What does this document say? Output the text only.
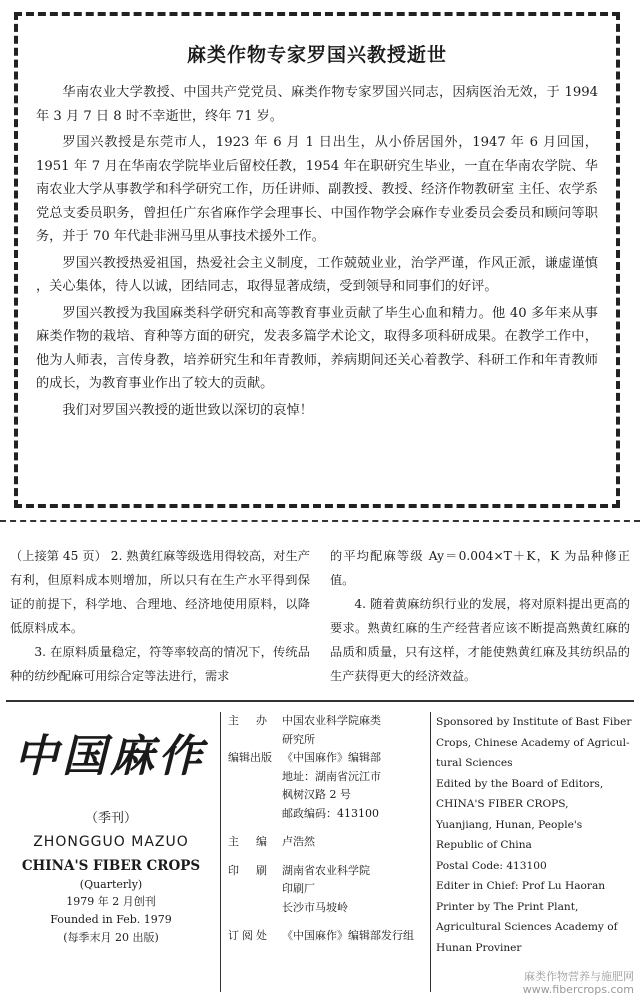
麻类作物专家罗国兴教授逝世

华南农业大学教授、中国共产党党员、麻类作物专家罗国兴同志，因病医治无效，于 1994 年 3 月 7 日 8 时不幸逝世，终年 71 岁。

罗国兴教授是东莞市人，1923 年 6 月 1 日出生，从小侨居国外，1947 年 6 月回国，1951 年 7 月在华南农学院毕业后留校任教，1954 年在职研究生毕业，一直在华南农学院、华南农业大学从事教学和科学研究工作，历任讲师、副教授、教授、经济作物教研室 主任、农学系党总支委员职务，曾担任广东省麻作学会理事长、中国作物学会麻作专业委员会委员和顾问等职务，并于 70 年代赴非洲马里从事技术援外工作。

罗国兴教授热爱祖国，热爱社会主义制度，工作兢兢业业，治学严谨，作风正派，谦虚谨慎 ，关心集体，待人以诚，团结同志，取得显著成绩，受到领导和同事们的好评。

罗国兴教授为我国麻类科学研究和高等教育事业贡献了毕生心血和精力。他 40 多年来从事麻类作物的栽培、育种等方面的研究，发表多篇学术论文，取得多项科研成果。在教学工作中，他为人师表，言传身教，培养研究生和年青教师，养病期间还关心着教学、科研工作和年青教师的成长，为教育事业作出了较大的贡献。

我们对罗国兴教授的逝世致以深切的哀悼！

（上接第 45 页） 2. 熟黄红麻等级选用得较高，对生产有利，但原料成本则增加，所以只有在生产水平得到保证的前提下，科学地、合理地、经济地使用原料，以降低原料成本。

3. 在原料质量稳定，符等率较高的情况下，传统品种的纺纱配麻可用综合定等法进行，需求

的平均配麻等级 Ay＝0.004×T＋K，K 为品种修正值。

4. 随着黄麻纺织行业的发展，将对原料提出更高的要求。熟黄红麻的生产经营者应该不断提高熟黄红麻的品质和质量，只有这样，才能使熟黄红麻及其纺织品的生产获得更大的经济效益。

中国麻作
（季刊）
ZHONGGUO MAZUO
CHINA'S FIBER CROPS
(Quarterly)
1979 年 2 月创刊
Founded in Feb. 1979
(每季末月 20 出版)
主　办	中国农业科学院麻类
研究所
编辑出版 《中国麻作》编辑部
地址：湖南省沅江市
枫树汉路 2 号
邮政编码：413100
主　编	卢浩然
印　刷	湖南省农业科学院
印刷厂
长沙市马坡岭
订阅处	《中国麻作》编辑部发行组
Sponsored by Institute of Bast Fiber
Crops, Chinese Academy of Agricul-
tural Sciences
Edited by the Board of Editors,
CHINA'S FIBER CROPS,
Yuanjiang, Hunan, People's
Republic of China
Postal Code: 413100
Editer in Chief: Prof Lu Haoran
Printer by The Print Plant,
Agricultural Sciences Academy of
Hunan Proviner
麻类作物营养与施肥网
www.fibercrops.com
